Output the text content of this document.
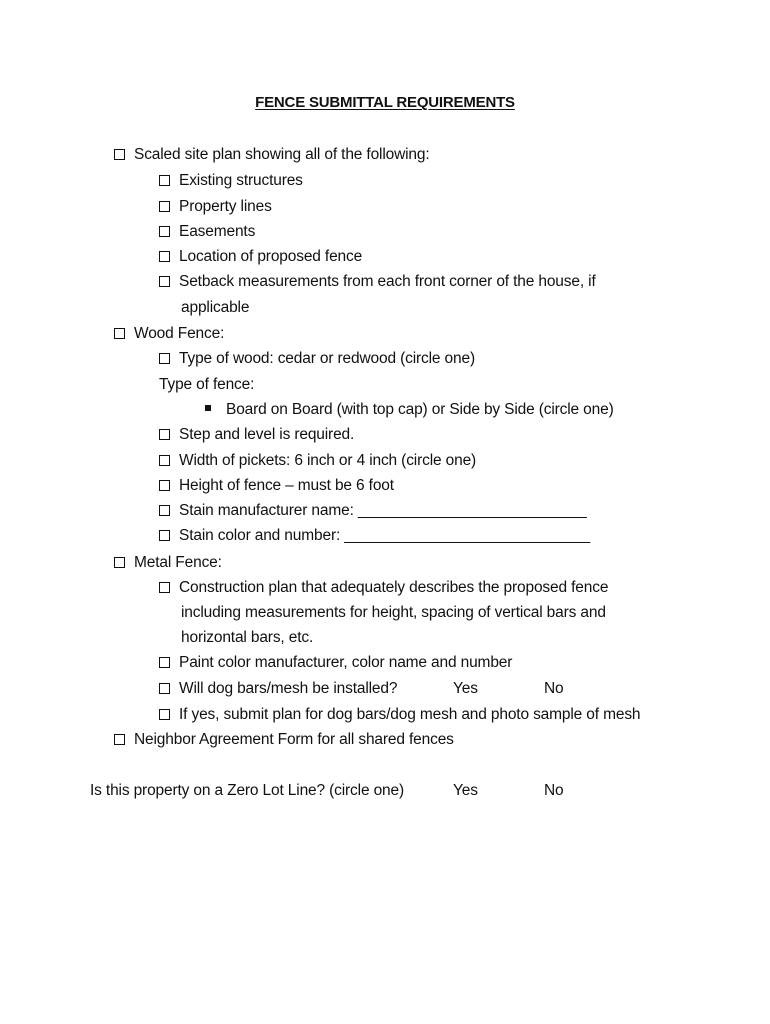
FENCE SUBMITTAL REQUIREMENTS
Scaled site plan showing all of the following:
Existing structures
Property lines
Easements
Location of proposed fence
Setback measurements from each front corner of the house, if
applicable
Wood Fence:
Type of wood: cedar or redwood (circle one)
Type of fence:
Board on Board (with top cap) or Side by Side (circle one)
Step and level is required.
Width of pickets: 6 inch or 4 inch (circle one)
Height of fence – must be 6 foot
Stain manufacturer name: ___________________________
Stain color and number: _____________________________
Metal Fence:
Construction plan that adequately describes the proposed fence
including measurements for height, spacing of vertical bars and
horizontal bars, etc.
Paint color manufacturer, color name and number
Will dog bars/mesh be installed?	Yes	No
If yes, submit plan for dog bars/dog mesh and photo sample of mesh
Neighbor Agreement Form for all shared fences
Is this property on a Zero Lot Line? (circle one)	Yes	No
